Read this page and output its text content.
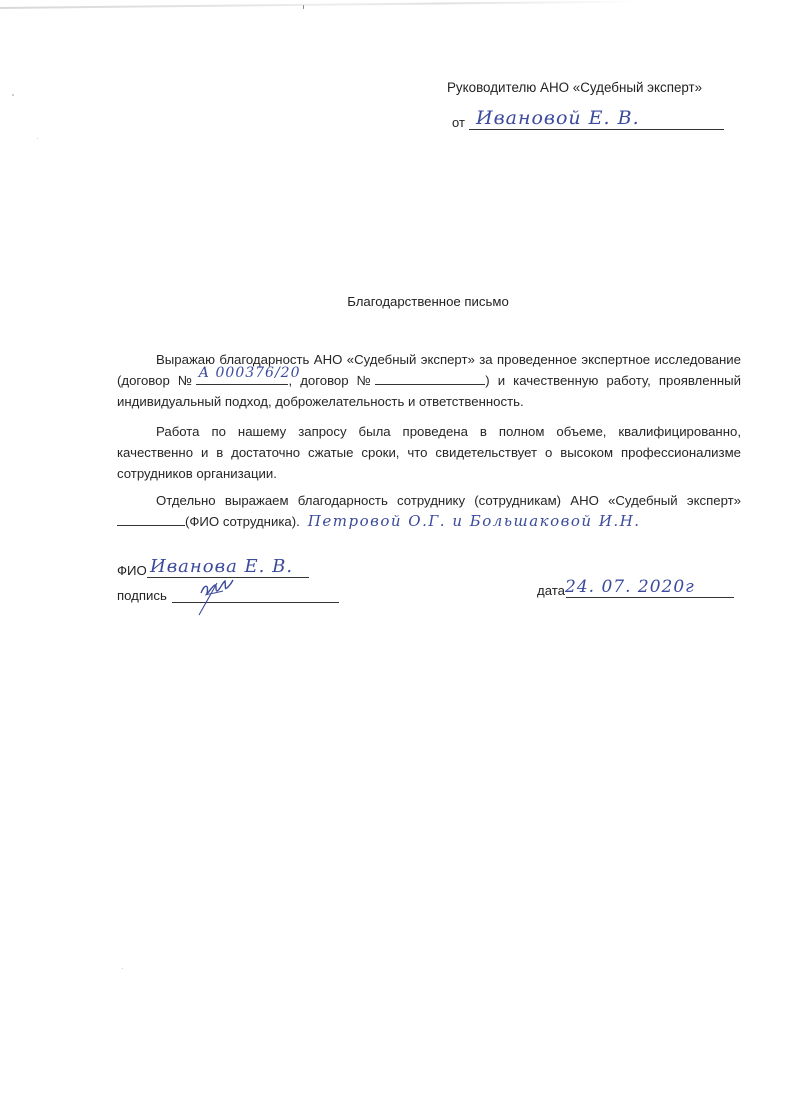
Руководителю АНО «Судебный эксперт»
от Ивановой Е. В.
Благодарственное письмо
Выражаю благодарность АНО «Судебный эксперт» за проведенное экспертное исследование (договор № А 000376/20
, договор №	) и качественную работу, проявленный индивидуальный подход, доброжелательность и ответственность.
Работа по нашему запросу была проведена в полном объеме, квалифицированно, качественно и в достаточно сжатые сроки, что свидетельствует о высоком профессионализме сотрудников организации.
Отдельно выражаем благодарность сотруднику (сотрудникам) АНО «Судебный эксперт» (ФИО сотрудника). Петровой О.Г. и Большаковой И.Н.
ФИО Иванова Е. В.
подпись	дата 24. 07. 2020г
